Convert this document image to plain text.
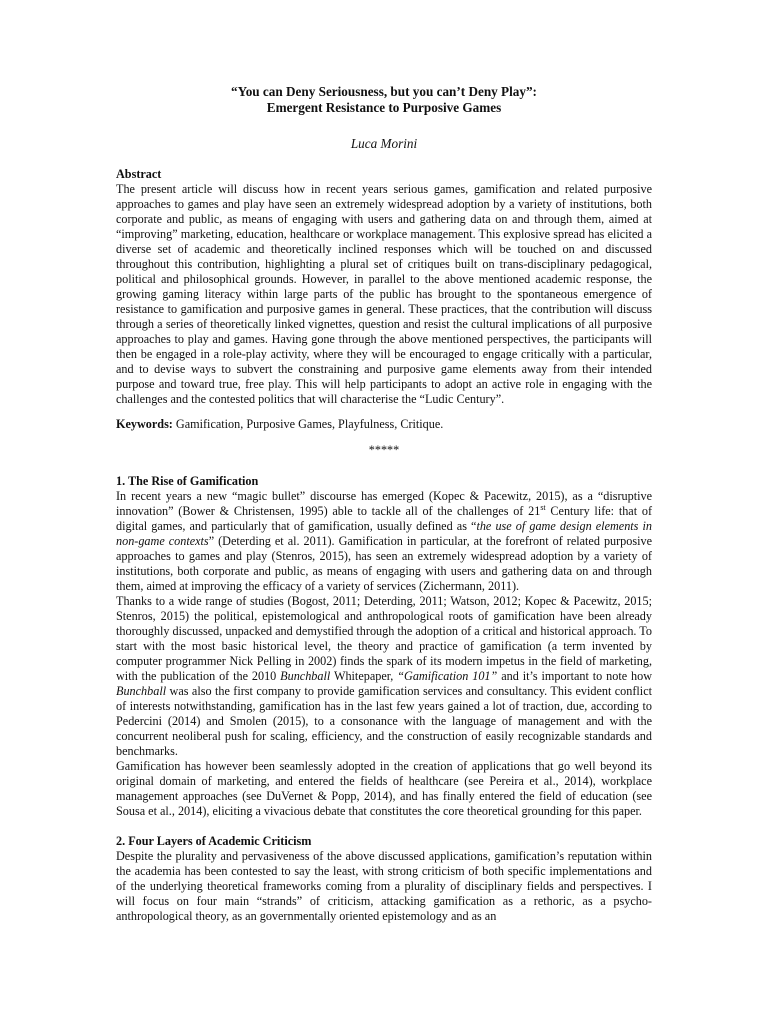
“You can Deny Seriousness, but you can’t Deny Play”:
Emergent Resistance to Purposive Games
Luca Morini
Abstract

The present article will discuss how in recent years serious games, gamification and related purposive approaches to games and play have seen an extremely widespread adoption by a variety of institutions, both corporate and public, as means of engaging with users and gathering data on and through them, aimed at “improving” marketing, education, healthcare or workplace management. This explosive spread has elicited a diverse set of academic and theoretically inclined responses which will be touched on and discussed throughout this contribution, highlighting a plural set of critiques built on trans-disciplinary pedagogical, political and philosophical grounds. However, in parallel to the above mentioned academic response, the growing gaming literacy within large parts of the public has brought to the spontaneous emergence of resistance to gamification and purposive games in general. These practices, that the contribution will discuss through a series of theoretically linked vignettes, question and resist the cultural implications of all purposive approaches to play and games. Having gone through the above mentioned perspectives, the participants will then be engaged in a role-play activity, where they will be encouraged to engage critically with a particular, and to devise ways to subvert the constraining and purposive game elements away from their intended purpose and toward true, free play. This will help participants to adopt an active role in engaging with the challenges and the contested politics that will characterise the “Ludic Century”.

Keywords: Gamification, Purposive Games, Playfulness, Critique.

*****
1. The Rise of Gamification

In recent years a new “magic bullet” discourse has emerged (Kopec & Pacewitz, 2015), as a “disruptive innovation” (Bower & Christensen, 1995) able to tackle all of the challenges of 21st Century life: that of digital games, and particularly that of gamification, usually defined as “the use of game design elements in non-game contexts” (Deterding et al. 2011). Gamification in particular, at the forefront of related purposive approaches to games and play (Stenros, 2015), has seen an extremely widespread adoption by a variety of institutions, both corporate and public, as means of engaging with users and gathering data on and through them, aimed at improving the efficacy of a variety of services (Zichermann, 2011).

Thanks to a wide range of studies (Bogost, 2011; Deterding, 2011; Watson, 2012; Kopec & Pacewitz, 2015; Stenros, 2015) the political, epistemological and anthropological roots of gamification have been already thoroughly discussed, unpacked and demystified through the adoption of a critical and historical approach. To start with the most basic historical level, the theory and practice of gamification (a term invented by computer programmer Nick Pelling in 2002) finds the spark of its modern impetus in the field of marketing, with the publication of the 2010 Bunchball Whitepaper, “Gamification 101” and it’s important to note how Bunchball was also the first company to provide gamification services and consultancy. This evident conflict of interests notwithstanding, gamification has in the last few years gained a lot of traction, due, according to Pedercini (2014) and Smolen (2015), to a consonance with the language of management and with the concurrent neoliberal push for scaling, efficiency, and the construction of easily recognizable standards and benchmarks.

Gamification has however been seamlessly adopted in the creation of applications that go well beyond its original domain of marketing, and entered the fields of healthcare (see Pereira et al., 2014), workplace management approaches (see DuVernet & Popp, 2014), and has finally entered the field of education (see Sousa et al., 2014), eliciting a vivacious debate that constitutes the core theoretical grounding for this paper.

2. Four Layers of Academic Criticism

Despite the plurality and pervasiveness of the above discussed applications, gamification’s reputation within the academia has been contested to say the least, with strong criticism of both specific implementations and of the underlying theoretical frameworks coming from a plurality of disciplinary fields and perspectives. I will focus on four main “strands” of criticism, attacking gamification as a rethoric, as a psycho-anthropological theory, as an governmentally oriented epistemology and as an
